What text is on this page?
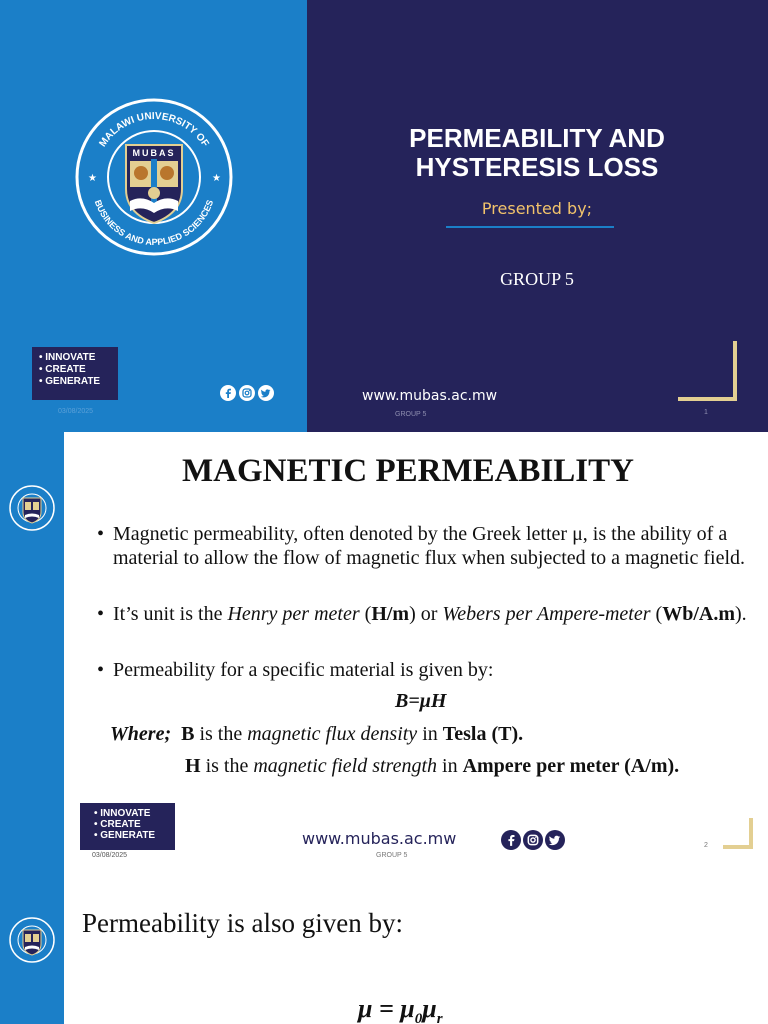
MALAWI UNIVERSITY OF
BUSINESS AND APPLIED SCIENCES
★	★
MUBAS
• INNOVATE
• CREATE
• GENERATE
03/08/2025
PERMEABILITY AND HYSTERESIS LOSS
Presented by;
GROUP 5
www.mubas.ac.mw
GROUP 5	1
MAGNETIC PERMEABILITY
• Magnetic permeability, often denoted by the Greek letter μ, is the ability of a material to allow the flow of magnetic flux when subjected to a magnetic field.
• It’s unit is the Henry per meter (H/m) or Webers per Ampere-meter (Wb/A.m).
• Permeability for a specific material is given by:
B=μH
Where; B is the magnetic flux density in Tesla (T).
H is the magnetic field strength in Ampere per meter (A/m).
• INNOVATE
• CREATE
• GENERATE
03/08/2025
www.mubas.ac.mw
GROUP 5
2
Permeability is also given by:
$\mu = \mu_0\mu_r$
